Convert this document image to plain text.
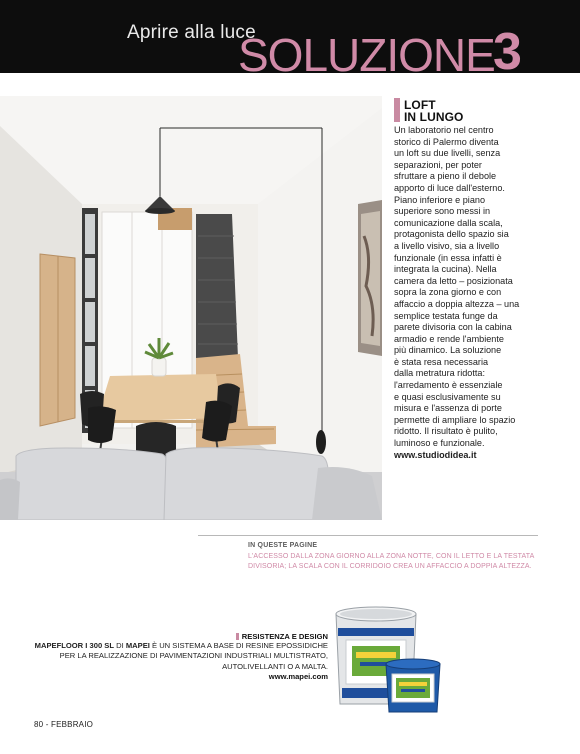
Aprire alla luce
SOLUZIONE
3
LOFT
IN LUNGO
Un laboratorio nel centro
storico di Palermo diventa
un loft su due livelli, senza
separazioni, per poter
sfruttare a pieno il debole
apporto di luce dall'esterno.
Piano inferiore e piano
superiore sono messi in
comunicazione dalla scala,
protagonista dello spazio sia
a livello visivo, sia a livello
funzionale (in essa infatti è
integrata la cucina). Nella
camera da letto – posizionata
sopra la zona giorno e con
affaccio a doppia altezza – una
semplice testata funge da
parete divisoria con la cabina
armadio e rende l'ambiente
più dinamico. La soluzione
è stata resa necessaria
dalla metratura ridotta:
l'arredamento è essenziale
e quasi esclusivamente su
misura e l'assenza di porte
permette di ampliare lo spazio
ridotto. Il risultato è pulito,
luminoso e funzionale.
www.studiodidea.it
IN QUESTE PAGINE
L'ACCESSO DALLA ZONA GIORNO ALLA ZONA NOTTE, CON IL LETTO E LA TESTATA
DIVISORIA; LA SCALA CON IL CORRIDOIO CREA UN AFFACCIO A DOPPIA ALTEZZA.
RESISTENZA E DESIGN
MAPEFLOOR I 300 SL DI MAPEI È UN SISTEMA A BASE DI RESINE EPOSSIDICHE
PER LA REALIZZAZIONE DI PAVIMENTAZIONI INDUSTRIALI MULTISTRATO,
AUTOLIVELLANTI O A MALTA.
www.mapei.com
80 - FEBBRAIO
